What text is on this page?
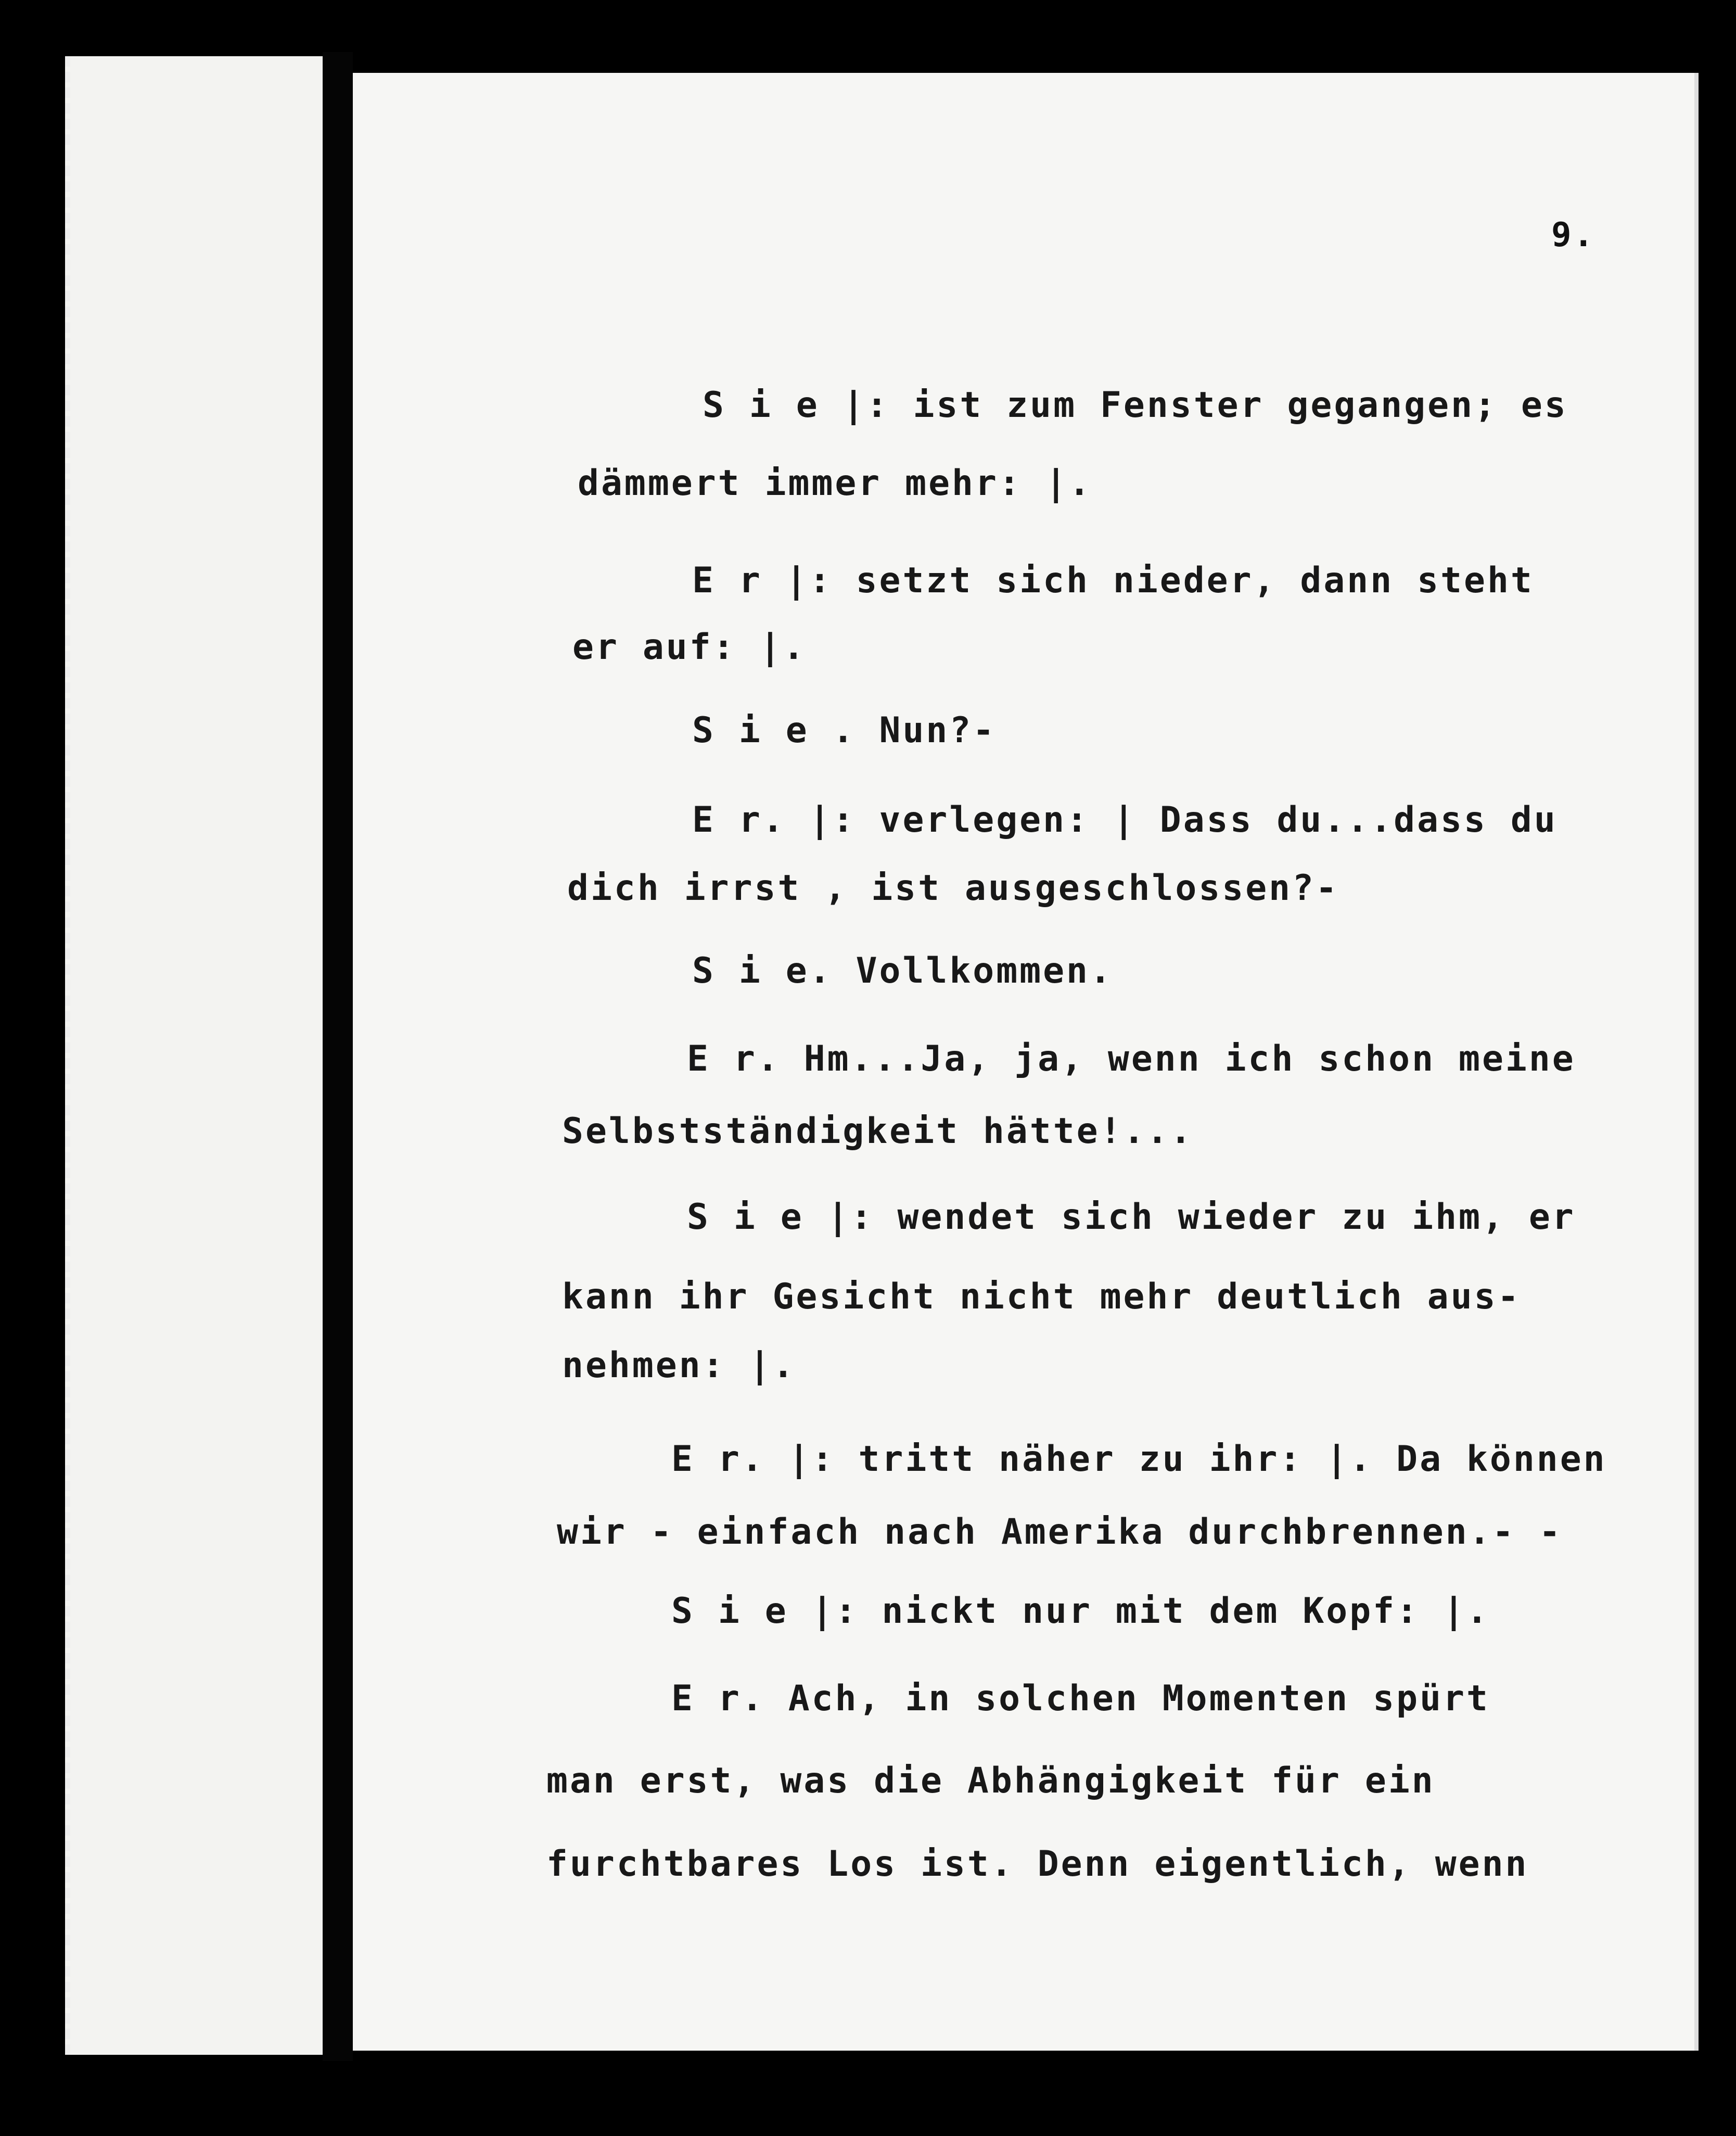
9.
S i e |: ist zum Fenster gegangen; es
dämmert immer mehr: |.
E r |: setzt sich nieder, dann steht
er auf: |.
S i e . Nun?-
E r. |: verlegen: | Dass du...dass du
dich irrst , ist ausgeschlossen?-
S i e. Vollkommen.
E r. Hm...Ja, ja, wenn ich schon meine
Selbstständigkeit hätte!...
S i e |: wendet sich wieder zu ihm, er
kann ihr Gesicht nicht mehr deutlich aus-
nehmen: |.
E r. |: tritt näher zu ihr: |. Da können
wir - einfach nach Amerika durchbrennen.- -
S i e |: nickt nur mit dem Kopf: |.
E r. Ach, in solchen Momenten spürt
man erst, was die Abhängigkeit für ein
furchtbares Los ist. Denn eigentlich, wenn
